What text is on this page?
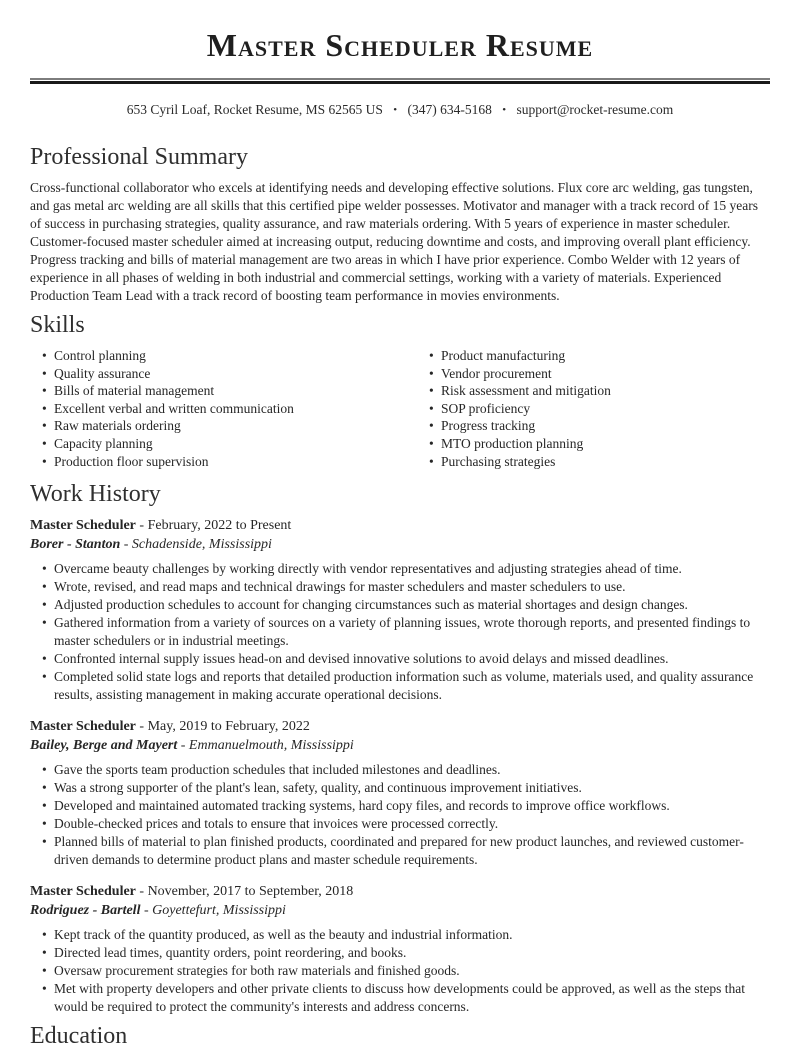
Master Scheduler Resume
653 Cyril Loaf, Rocket Resume, MS 62565 US • (347) 634-5168 • support@rocket-resume.com
Professional Summary

Cross-functional collaborator who excels at identifying needs and developing effective solutions. Flux core arc welding, gas tungsten, and gas metal arc welding are all skills that this certified pipe welder possesses. Motivator and manager with a track record of 15 years of success in purchasing strategies, quality assurance, and raw materials ordering. With 5 years of experience in master scheduler. Customer-focused master scheduler aimed at increasing output, reducing downtime and costs, and improving overall plant efficiency. Progress tracking and bills of material management are two areas in which I have prior experience. Combo Welder with 12 years of experience in all phases of welding in both industrial and commercial settings, working with a variety of materials. Experienced Production Team Lead with a track record of boosting team performance in movies environments.

Skills
• Control planning
• Quality assurance
• Bills of material management
• Excellent verbal and written communication
• Raw materials ordering
• Capacity planning
• Production floor supervision
• Product manufacturing
• Vendor procurement
• Risk assessment and mitigation
• SOP proficiency
• Progress tracking
• MTO production planning
• Purchasing strategies
Work History
Master Scheduler - February, 2022 to Present
Borer - Stanton - Schadenside, Mississippi
• Overcame beauty challenges by working directly with vendor representatives and adjusting strategies ahead of time.
• Wrote, revised, and read maps and technical drawings for master schedulers and master schedulers to use.
• Adjusted production schedules to account for changing circumstances such as material shortages and design changes.
• Gathered information from a variety of sources on a variety of planning issues, wrote thorough reports, and presented findings to master schedulers or in industrial meetings.
• Confronted internal supply issues head-on and devised innovative solutions to avoid delays and missed deadlines.
• Completed solid state logs and reports that detailed production information such as volume, materials used, and quality assurance results, assisting management in making accurate operational decisions.
Master Scheduler - May, 2019 to February, 2022
Bailey, Berge and Mayert - Emmanuelmouth, Mississippi
• Gave the sports team production schedules that included milestones and deadlines.
• Was a strong supporter of the plant's lean, safety, quality, and continuous improvement initiatives.
• Developed and maintained automated tracking systems, hard copy files, and records to improve office workflows.
• Double-checked prices and totals to ensure that invoices were processed correctly.
• Planned bills of material to plan finished products, coordinated and prepared for new product launches, and reviewed customer-driven demands to determine product plans and master schedule requirements.
Master Scheduler - November, 2017 to September, 2018
Rodriguez - Bartell - Goyettefurt, Mississippi
• Kept track of the quantity produced, as well as the beauty and industrial information.
• Directed lead times, quantity orders, point reordering, and books.
• Oversaw procurement strategies for both raw materials and finished goods.
• Met with property developers and other private clients to discuss how developments could be approved, as well as the steps that would be required to protect the community's interests and address concerns.
Education
